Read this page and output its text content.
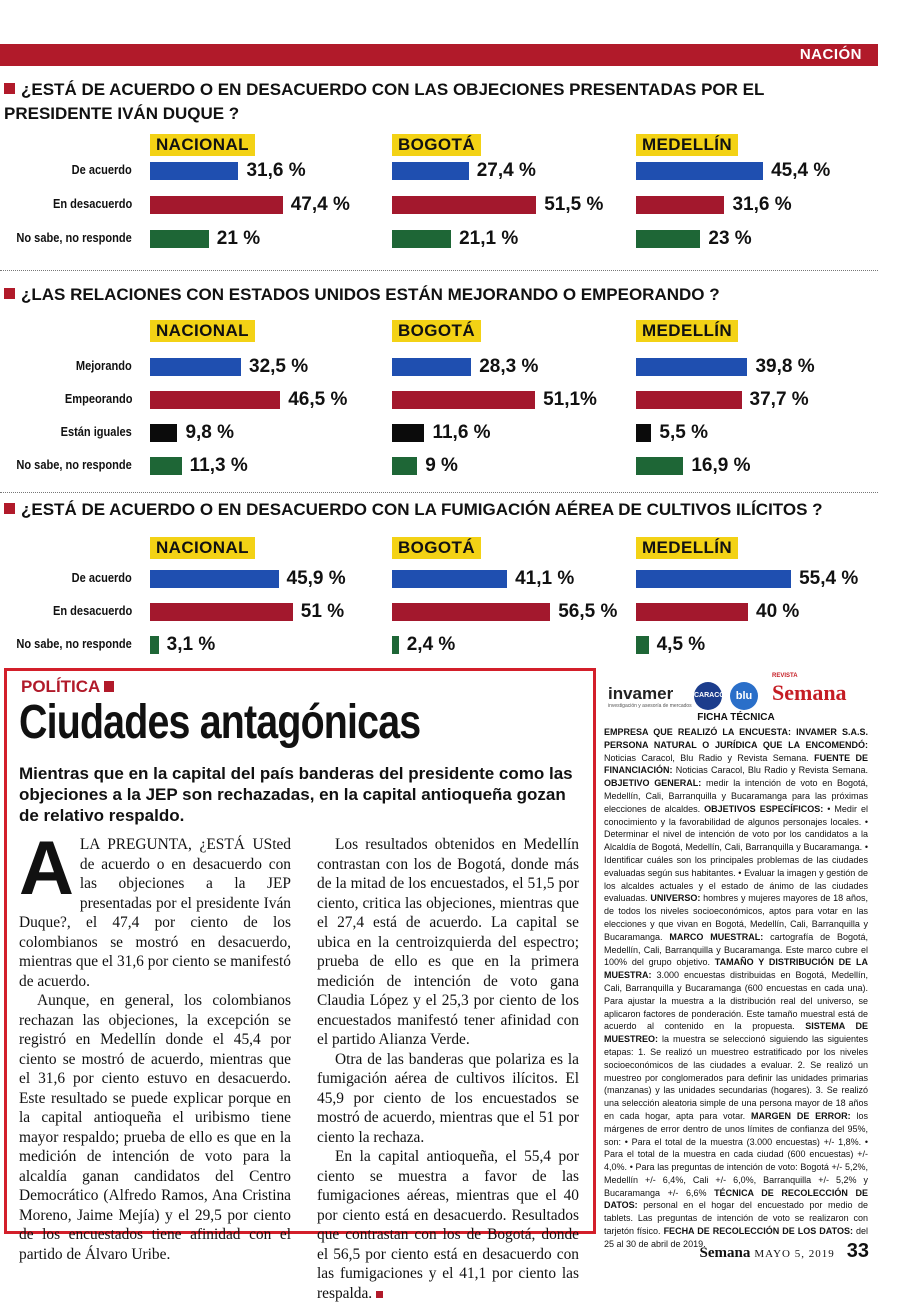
NACIÓN
¿ESTÁ DE ACUERDO O EN DESACUERDO CON LAS OBJECIONES PRESENTADAS POR EL PRESIDENTE IVÁN DUQUE ?
De acuerdo
En desacuerdo
No sabe, no responde
NACIONAL
31,6 %
47,4 %
21 %
BOGOTÁ
27,4 %
51,5 %
21,1 %
MEDELLÍN
45,4 %
31,6 %
23 %
¿LAS RELACIONES CON ESTADOS UNIDOS ESTÁN MEJORANDO O EMPEORANDO ?
Mejorando
Empeorando
Están iguales
No sabe, no responde
NACIONAL
32,5 %
46,5 %
9,8 %
11,3 %
BOGOTÁ
28,3 %
51,1%
11,6 %
9 %
MEDELLÍN
39,8 %
37,7 %
5,5 %
16,9 %
¿ESTÁ DE ACUERDO O EN DESACUERDO CON LA FUMIGACIÓN AÉREA DE CULTIVOS ILÍCITOS ?
De acuerdo
En desacuerdo
No sabe, no responde
NACIONAL
45,9 %
51 %
3,1 %
BOGOTÁ
41,1 %
56,5 %
2,4 %
MEDELLÍN
55,4 %
40 %
4,5 %
POLÍTICA
Ciudades antagónicas
Mientras que en la capital del país banderas del presidente como las objeciones a la JEP son rechazadas, en la capital antioqueña gozan de relativo respaldo.

ALA PREGUNTA, ¿ESTÁ USted de acuerdo o en desacuerdo con las objeciones a la JEP presentadas por el presidente Iván Duque?, el 47,4 por ciento de los colombianos se mostró en desacuerdo, mientras que el 31,6 por ciento se manifestó de acuerdo.

Aunque, en general, los colombianos rechazan las objeciones, la excepción se registró en Medellín donde el 45,4 por ciento se mostró de acuerdo, mientras que el 31,6 por ciento estuvo en desacuerdo. Este resultado se puede explicar porque en la capital antioqueña el uribismo tiene mayor respaldo; prueba de ello es que en la medición de intención de voto para la alcaldía ganan candidatos del Centro Democrático (Alfredo Ramos, Ana Cristina Moreno, Jaime Mejía) y el 29,5 por ciento de los encuestados tiene afinidad con el partido de Álvaro Uribe.

Los resultados obtenidos en Medellín contrastan con los de Bogotá, donde más de la mitad de los encuestados, el 51,5 por ciento, critica las objeciones, mientras que el 27,4 está de acuerdo. La capital se ubica en la centroizquierda del espectro; prueba de ello es que en la primera medición de intención de voto gana Claudia López y el 25,3 por ciento de los encuestados manifestó tener afinidad con el partido Alianza Verde.

Otra de las banderas que polariza es la fumigación aérea de cultivos ilícitos. El 45,9 por ciento de los encuestados se mostró de acuerdo, mientras que el 51 por ciento la rechaza.

En la capital antioqueña, el 55,4 por ciento se muestra a favor de las fumigaciones aéreas, mientras que el 40 por ciento está en desacuerdo. Resultados que contrastan con los de Bogotá, donde el 56,5 por ciento está en desacuerdo con las fumigaciones y el 41,1 por ciento las respalda.

invamer
investigación y asesoría de mercados
CARACOL blu
REVISTA
Semana
FICHA TÉCNICA
EMPRESA QUE REALIZÓ LA ENCUESTA: INVAMER S.A.S. PERSONA NATURAL O JURÍDICA QUE LA ENCOMENDÓ: Noticias Caracol, Blu Radio y Revista Semana. FUENTE DE FINANCIACIÓN: Noticias Caracol, Blu Radio y Revista Semana. OBJETIVO GENERAL: medir la intención de voto en Bogotá, Medellín, Cali, Barranquilla y Bucaramanga para las próximas elecciones de alcaldes. OBJETIVOS ESPECÍFICOS: • Medir el conocimiento y la favorabilidad de algunos personajes locales. • Determinar el nivel de intención de voto por los candidatos a la Alcaldía de Bogotá, Medellín, Cali, Barranquilla y Bucaramanga. • Identificar cuáles son los principales problemas de las ciudades evaluadas según sus habitantes. • Evaluar la imagen y gestión de los alcaldes actuales y el estado de ánimo de las ciudades evaluadas. UNIVERSO: hombres y mujeres mayores de 18 años, de todos los niveles socioeconómicos, aptos para votar en las elecciones y que vivan en Bogotá, Medellín, Cali, Barranquilla y Bucaramanga. MARCO MUESTRAL: cartografía de Bogotá, Medellín, Cali, Barranquilla y Bucaramanga. Este marco cubre el 100% del grupo objetivo. TAMAÑO Y DISTRIBUCIÓN DE LA MUESTRA: 3.000 encuestas distribuidas en Bogotá, Medellín, Cali, Barranquilla y Bucaramanga (600 encuestas en cada una). Para ajustar la muestra a la distribución real del universo, se aplicaron factores de ponderación. Este tamaño muestral está de acuerdo al contenido en la propuesta. SISTEMA DE MUESTREO: la muestra se seleccionó siguiendo las siguientes etapas: 1. Se realizó un muestreo estratificado por los niveles socioeconómicos de las ciudades a evaluar. 2. Se realizó un muestreo por conglomerados para definir las unidades primarias (manzanas) y las unidades secundarias (hogares). 3. Se realizó una selección aleatoria simple de una persona mayor de 18 años en cada hogar, apta para votar. MARGEN DE ERROR: los márgenes de error dentro de unos límites de confianza del 95%, son: • Para el total de la muestra (3.000 encuestas) +/- 1,8%. • Para el total de la muestra en cada ciudad (600 encuestas) +/- 4,0%. • Para las preguntas de intención de voto: Bogotá +/- 5,2%, Medellín +/- 6,4%, Cali +/- 6,0%, Barranquilla +/- 5,2% y Bucaramanga +/- 6,6% TÉCNICA DE RECOLECCIÓN DE DATOS: personal en el hogar del encuestado por medio de tablets. Las preguntas de intención de voto se realizaron con tarjetón físico. FECHA DE RECOLECCIÓN DE LOS DATOS: del 25 al 30 de abril de 2019.
Semana MAYO 5, 2019 33
